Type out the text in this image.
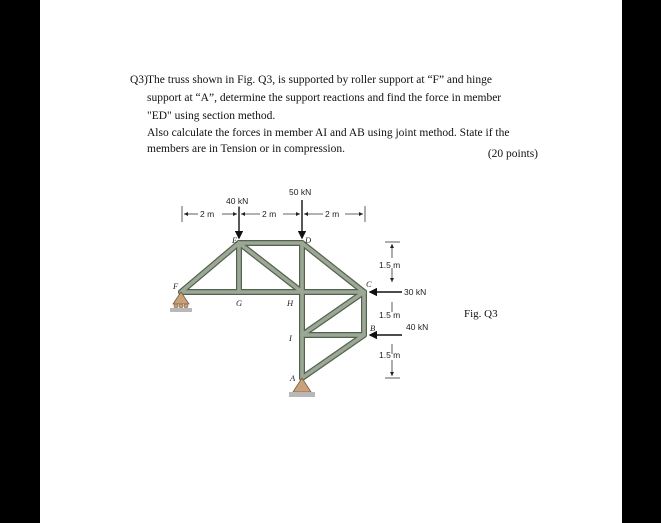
Q3) The truss shown in Fig. Q3, is supported by roller support at “F” and hinge
support at “A”, determine the support reactions and find the force in member
"ED" using section method.
Also calculate the forces in member AI and AB using joint method. State if the
members are in Tension or in compression.	(20 points)
2 m	2 m	2 m
1.5 m
1.5 m
1.5 m
40 kN
50 kN
30 kN
40 kN
E	D
C
B
F
G	H
I
A
Fig. Q3
